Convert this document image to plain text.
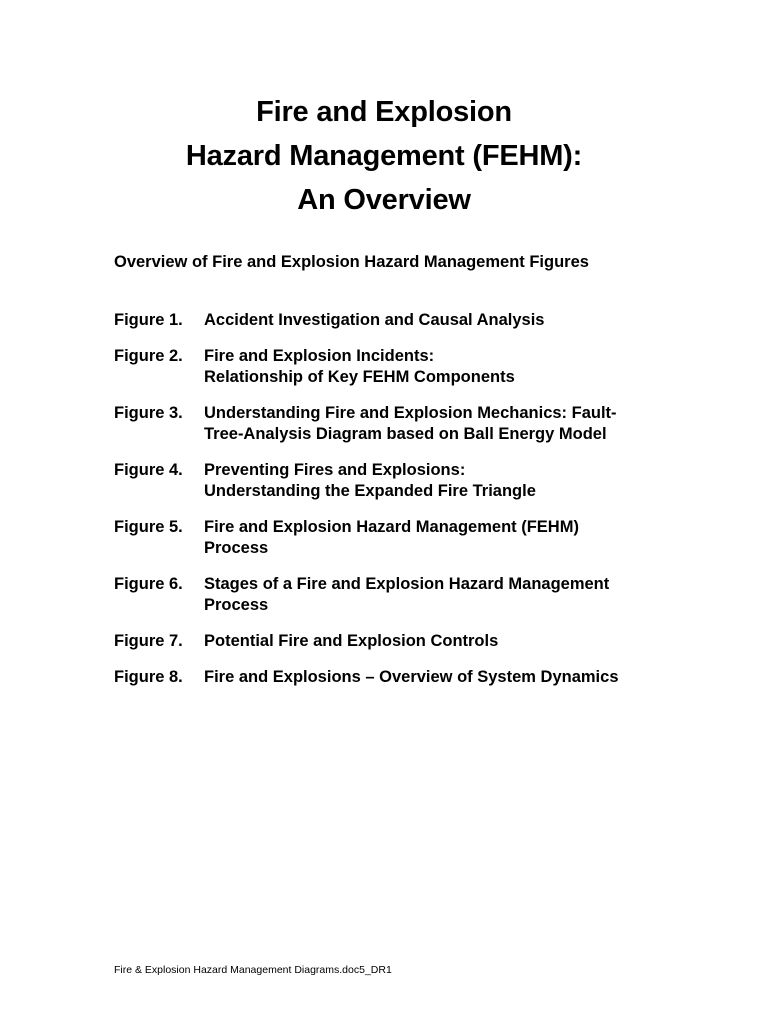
Fire and Explosion
Hazard Management (FEHM):
An Overview
Overview of Fire and Explosion Hazard Management Figures
Figure 1.	Accident Investigation and Causal Analysis
Figure 2.	Fire and Explosion Incidents:
Relationship of Key FEHM Components
Figure 3.	Understanding Fire and Explosion Mechanics: Fault-
Tree-Analysis Diagram based on Ball Energy Model
Figure 4.	Preventing Fires and Explosions:
Understanding the Expanded Fire Triangle
Figure 5.	Fire and Explosion Hazard Management (FEHM)
Process
Figure 6.	Stages of a Fire and Explosion Hazard Management
Process
Figure 7.	Potential Fire and Explosion Controls
Figure 8.	Fire and Explosions – Overview of System Dynamics
Fire & Explosion Hazard Management Diagrams.doc5_DR1
